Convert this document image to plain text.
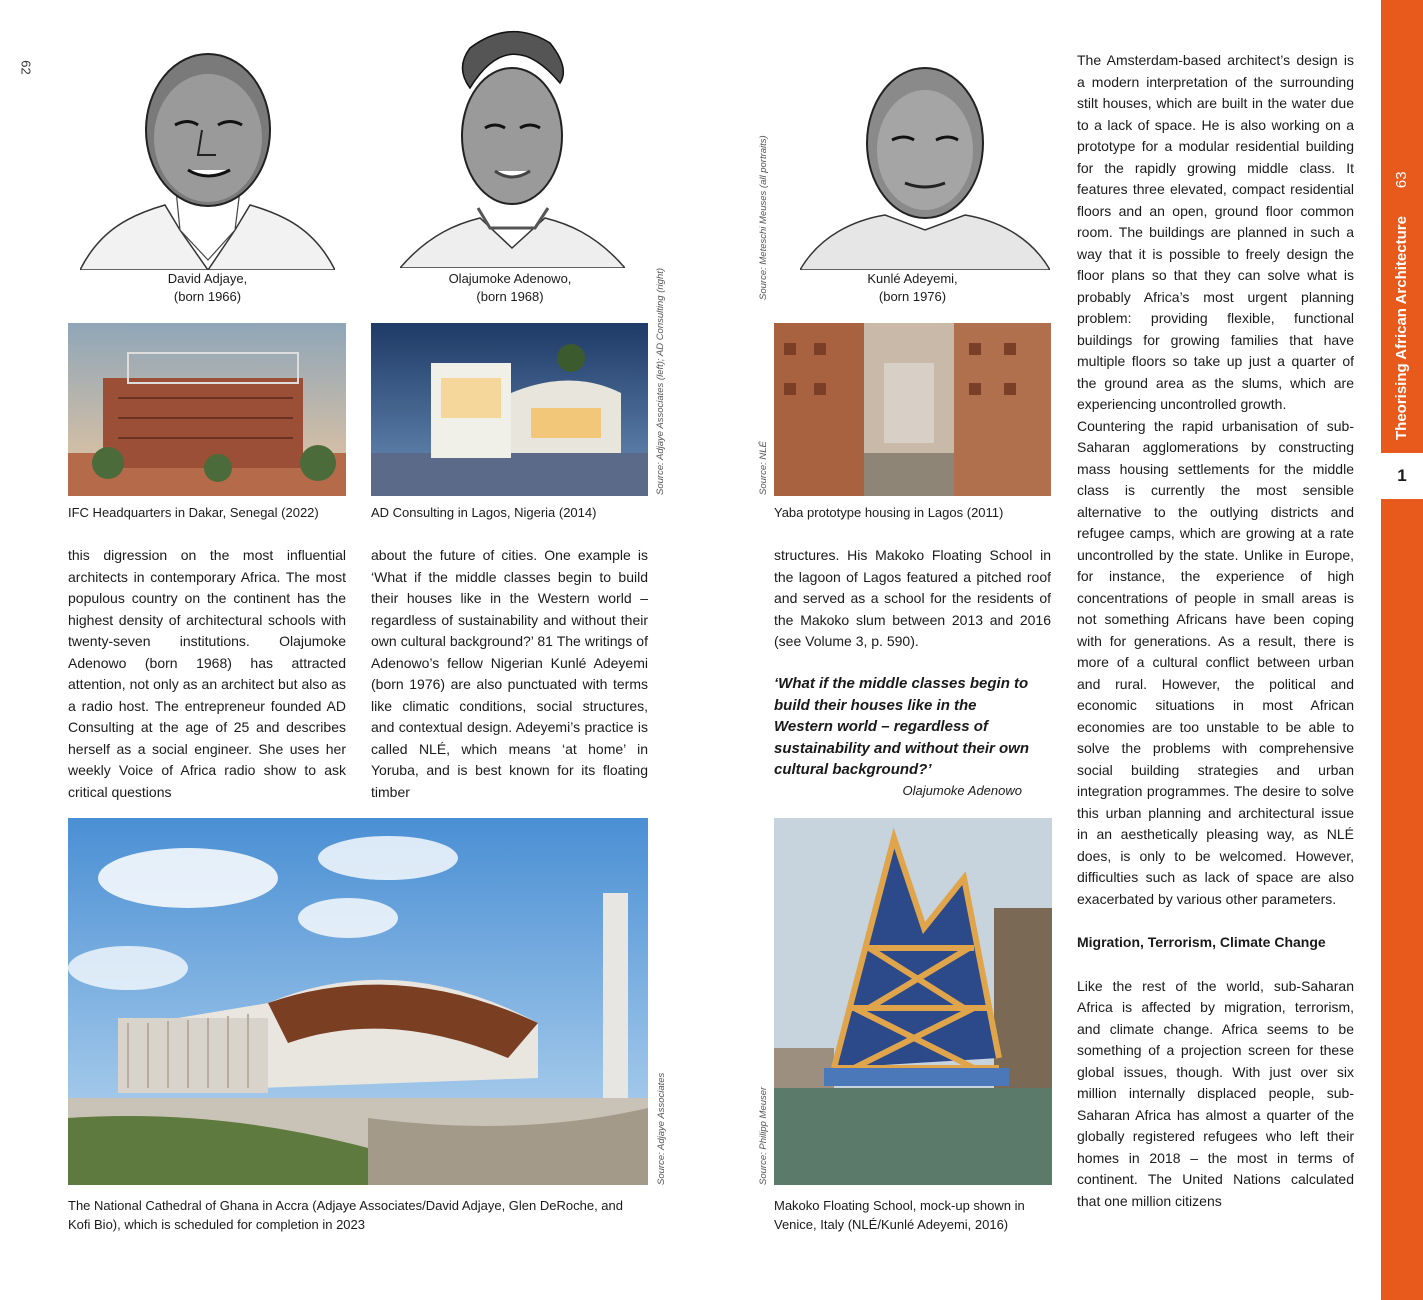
62
1
Theorising African Architecture
63
David Adjaye,
(born 1966)
Olajumoke Adenowo,
(born 1968)
Kunlé Adeyemi,
(born 1976)
Source: Meteschi Meuses (all portraits)
IFC Headquarters in Dakar, Senegal (2022)	AD Consulting in Lagos, Nigeria (2014)
Source: Adjaye Associates (left); AD Consulting (right)
Yaba prototype housing in Lagos (2011)
Source: NLÉ
this digression on the most influential architects in contemporary Africa. The most populous country on the continent has the highest density of architectural schools with twenty-seven institutions. Olajumoke Adenowo (born 1968) has attracted attention, not only as an architect but also as a radio host. The entrepreneur founded AD Consulting at the age of 25 and describes herself as a social engineer. She uses her weekly Voice of Africa radio show to ask critical questions
about the future of cities. One example is ‘What if the middle classes begin to build their houses like in the Western world – regardless of sustainability and without their own cultural background?’ 81 The writings of Adenowo’s fellow Nigerian Kunlé Adeyemi (born 1976) are also punctuated with terms like climatic conditions, social structures, and contextual design. Adeyemi’s practice is called NLÉ, which means ‘at home’ in Yoruba, and is best known for its floating timber
structures. His Makoko Floating School in the lagoon of Lagos featured a pitched roof and served as a school for the residents of the Makoko slum between 2013 and 2016 (see Volume 3, p. 590).
‘What if the middle classes begin to build their houses like in the Western world – regardless of sustainability and without their own cultural background?’
Olajumoke Adenowo

The Amsterdam-based architect’s design is a modern interpretation of the surrounding stilt houses, which are built in the water due to a lack of space. He is also working on a prototype for a modular residential building for the rapidly growing middle class. It features three elevated, compact residential floors and an open, ground floor common room. The buildings are planned in such a way that it is possible to freely design the floor plans so that they can solve what is probably Africa’s most urgent planning problem: providing flexible, functional buildings for growing families that have multiple floors so take up just a quarter of the ground area as the slums, which are experiencing uncontrolled growth.

Countering the rapid urbanisation of sub-Saharan agglomerations by constructing mass housing settlements for the middle class is currently the most sensible alternative to the outlying districts and refugee camps, which are growing at a rate uncontrolled by the state. Unlike in Europe, for instance, the experience of high concentrations of people in small areas is not something Africans have been coping with for generations. As a result, there is more of a cultural conflict between urban and rural. However, the political and economic situations in most African economies are too unstable to be able to solve the problems with comprehensive social building strategies and urban integration programmes. The desire to solve this urban planning and architectural issue in an aesthetically pleasing way, as NLÉ does, is only to be welcomed. However, difficulties such as lack of space are also exacerbated by various other parameters.

Migration, Terrorism, Climate Change

Like the rest of the world, sub-Saharan Africa is affected by migration, terrorism, and climate change. Africa seems to be something of a projection screen for these global issues, though. With just over six million internally displaced people, sub-Saharan Africa has almost a quarter of the globally registered refugees who left their homes in 2018 – the most in terms of continent. The United Nations calculated that one million citizens

The National Cathedral of Ghana in Accra (Adjaye Associates/David Adjaye, Glen DeRoche, and Kofi Bio), which is scheduled for completion in 2023
Source: Adjaye Associates
Makoko Floating School, mock-up shown in Venice, Italy (NLÉ/Kunlé Adeyemi, 2016)
Source: Philipp Meuser
